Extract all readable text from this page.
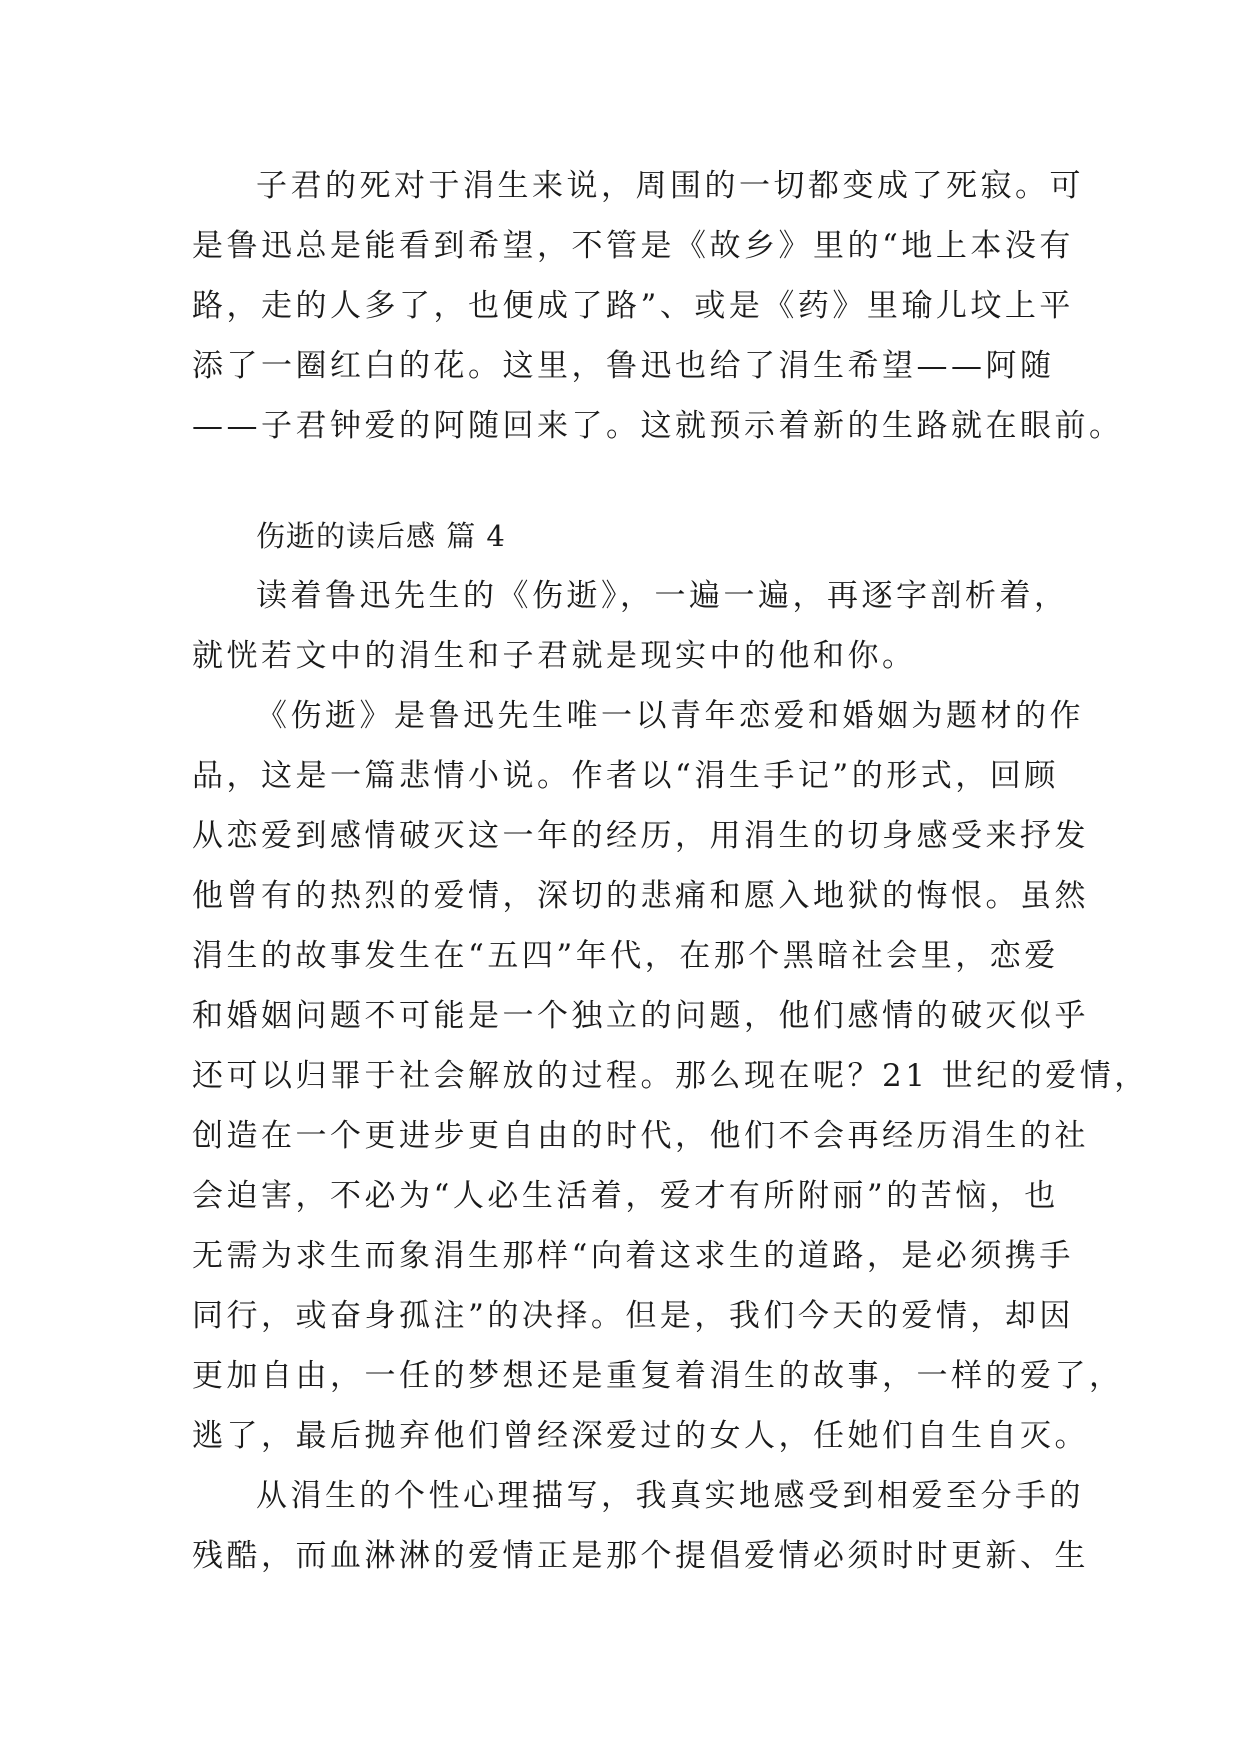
子君的死对于涓生来说，周围的一切都变成了死寂。可
是鲁迅总是能看到希望，不管是《故乡》里的“地上本没有
路，走的人多了，也便成了路”、或是《药》里瑜儿坟上平
添了一圈红白的花。这里，鲁迅也给了涓生希望——阿随
——子君钟爱的阿随回来了。这就预示着新的生路就在眼前。
伤逝的读后感 篇 4
读着鲁迅先生的《伤逝》，一遍一遍，再逐字剖析着，
就恍若文中的涓生和子君就是现实中的他和你。
《伤逝》是鲁迅先生唯一以青年恋爱和婚姻为题材的作
品，这是一篇悲情小说。作者以“涓生手记”的形式，回顾
从恋爱到感情破灭这一年的经历，用涓生的切身感受来抒发
他曾有的热烈的爱情，深切的悲痛和愿入地狱的悔恨。虽然
涓生的故事发生在“五四”年代，在那个黑暗社会里，恋爱
和婚姻问题不可能是一个独立的问题，他们感情的破灭似乎
还可以归罪于社会解放的过程。那么现在呢？21 世纪的爱情，
创造在一个更进步更自由的时代，他们不会再经历涓生的社
会迫害，不必为“人必生活着，爱才有所附丽”的苦恼，也
无需为求生而象涓生那样“向着这求生的道路，是必须携手
同行，或奋身孤注”的决择。但是，我们今天的爱情，却因
更加自由，一任的梦想还是重复着涓生的故事，一样的爱了，
逃了，最后抛弃他们曾经深爱过的女人，任她们自生自灭。
从涓生的个性心理描写，我真实地感受到相爱至分手的
残酷，而血淋淋的爱情正是那个提倡爱情必须时时更新、生
